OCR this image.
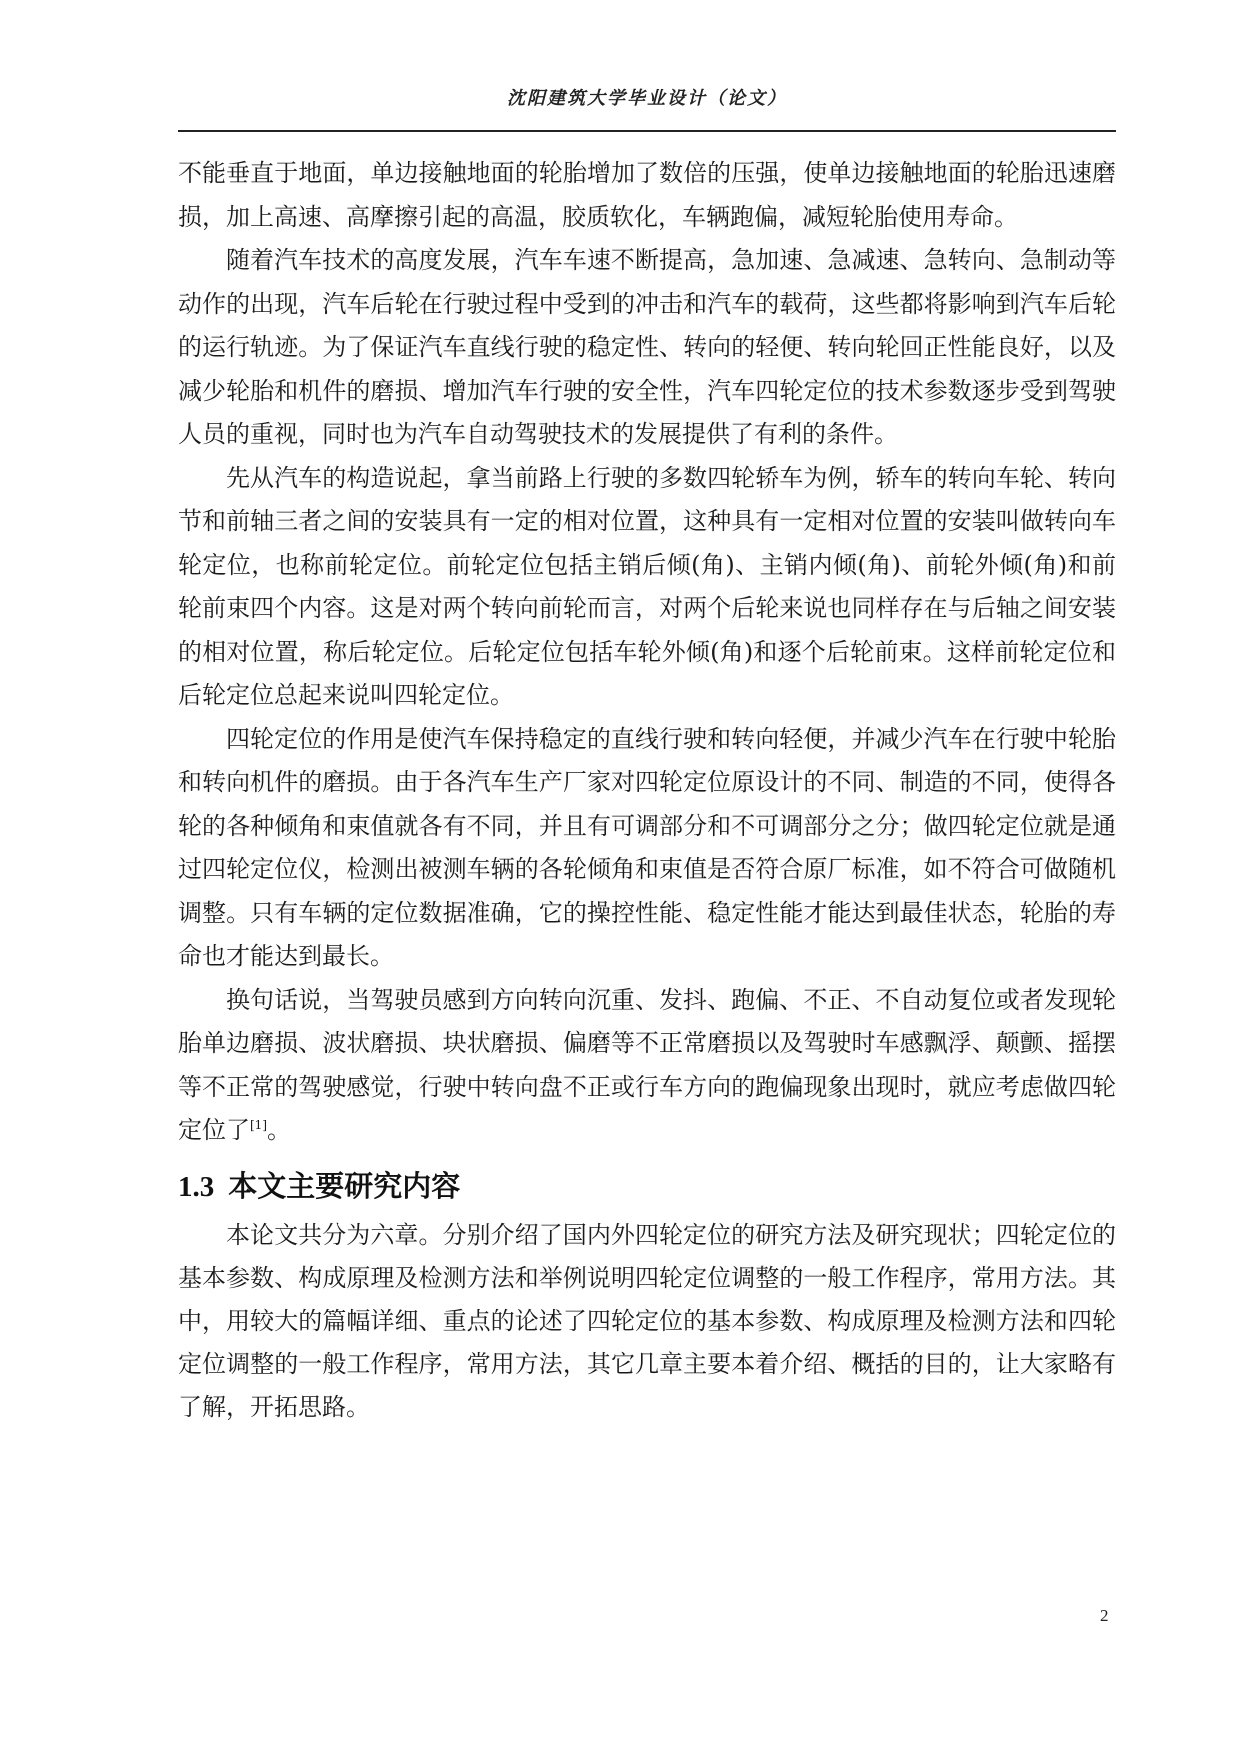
沈阳建筑大学毕业设计（论文）

不能垂直于地面，单边接触地面的轮胎增加了数倍的压强，使单边接触地面的轮胎迅速磨损，加上高速、高摩擦引起的高温，胶质软化，车辆跑偏，减短轮胎使用寿命。

随着汽车技术的高度发展，汽车车速不断提高，急加速、急减速、急转向、急制动等动作的出现，汽车后轮在行驶过程中受到的冲击和汽车的载荷，这些都将影响到汽车后轮的运行轨迹。为了保证汽车直线行驶的稳定性、转向的轻便、转向轮回正性能良好，以及减少轮胎和机件的磨损、增加汽车行驶的安全性，汽车四轮定位的技术参数逐步受到驾驶人员的重视，同时也为汽车自动驾驶技术的发展提供了有利的条件。

先从汽车的构造说起，拿当前路上行驶的多数四轮轿车为例，轿车的转向车轮、转向节和前轴三者之间的安装具有一定的相对位置，这种具有一定相对位置的安装叫做转向车轮定位，也称前轮定位。前轮定位包括主销后倾(角)、主销内倾(角)、前轮外倾(角)和前轮前束四个内容。这是对两个转向前轮而言，对两个后轮来说也同样存在与后轴之间安装的相对位置，称后轮定位。后轮定位包括车轮外倾(角)和逐个后轮前束。这样前轮定位和后轮定位总起来说叫四轮定位。

四轮定位的作用是使汽车保持稳定的直线行驶和转向轻便，并减少汽车在行驶中轮胎和转向机件的磨损。由于各汽车生产厂家对四轮定位原设计的不同、制造的不同，使得各轮的各种倾角和束值就各有不同，并且有可调部分和不可调部分之分；做四轮定位就是通过四轮定位仪，检测出被测车辆的各轮倾角和束值是否符合原厂标准，如不符合可做随机调整。只有车辆的定位数据准确，它的操控性能、稳定性能才能达到最佳状态，轮胎的寿命也才能达到最长。

换句话说，当驾驶员感到方向转向沉重、发抖、跑偏、不正、不自动复位或者发现轮胎单边磨损、波状磨损、块状磨损、偏磨等不正常磨损以及驾驶时车感飘浮、颠颤、摇摆等不正常的驾驶感觉，行驶中转向盘不正或行车方向的跑偏现象出现时，就应考虑做四轮定位了[1]。

1.3 本文主要研究内容

本论文共分为六章。分别介绍了国内外四轮定位的研究方法及研究现状；四轮定位的基本参数、构成原理及检测方法和举例说明四轮定位调整的一般工作程序，常用方法。其中，用较大的篇幅详细、重点的论述了四轮定位的基本参数、构成原理及检测方法和四轮定位调整的一般工作程序，常用方法，其它几章主要本着介绍、概括的目的，让大家略有了解，开拓思路。

2
